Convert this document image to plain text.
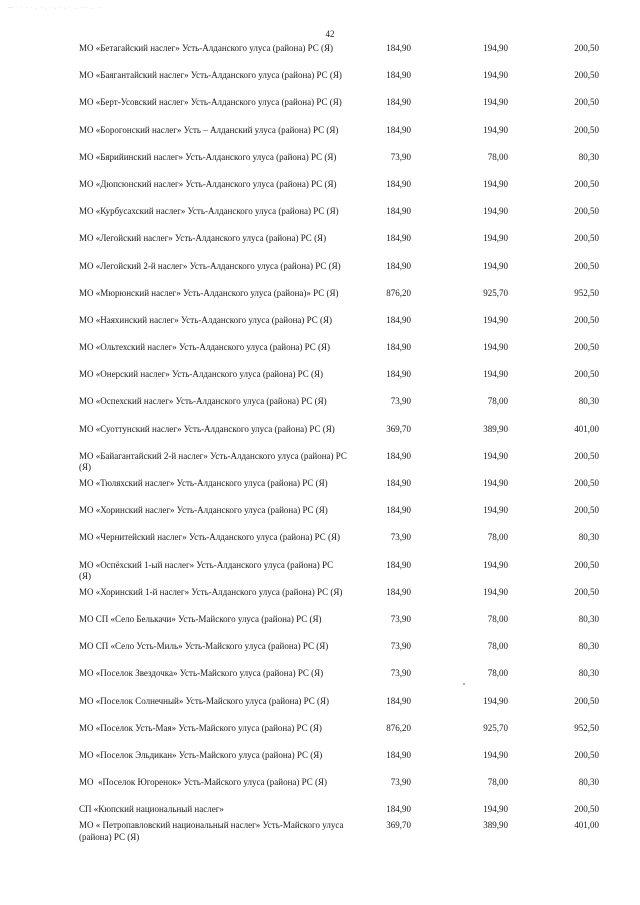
— · · · · , · , · . · . · .. ··· .. ··
42
МО «Бетагайский наслег» Усть-Алданского улуса (района) РС (Я)	184,90	194,90	200,50
МО «Баягантайский наслег» Усть-Алданского улуса (района) РС (Я)	184,90	194,90	200,50
МО «Берт-Усовский наслег» Усть-Алданского улуса (района) РС (Я)	184,90	194,90	200,50
МО «Борогонский наслег» Усть – Алданский улуса (района) РС (Я)	184,90	194,90	200,50
МО «Бярийинский наслег» Усть-Алданского улуса (района) РС (Я)	73,90	78,00	80,30
МО «Дюпсюнский наслег» Усть-Алданского улуса (района) РС (Я)	184,90	194,90	200,50
МО «Курбусахский наслег» Усть-Алданского улуса (района) РС (Я)	184,90	194,90	200,50
МО «Легойский наслег» Усть-Алданского улуса (района) РС (Я)	184,90	194,90	200,50
МО «Легойский 2-й наслег» Усть-Алданского улуса (района) РС (Я)	184,90	194,90	200,50
МО «Мюрюнский наслег» Усть-Алданского улуса (района)» РС (Я)	876,20	925,70	952,50
МО «Наяхинский наслег» Усть-Алданского улуса (района) РС (Я)	184,90	194,90	200,50
МО «Ольтехский наслег» Усть-Алданского улуса (района) РС (Я)	184,90	194,90	200,50
МО «Онерский наслег» Усть-Алданского улуса (района) РС (Я)	184,90	194,90	200,50
МО «Оспехский наслег» Усть-Алданского улуса (района) РС (Я)	73,90	78,00	80,30
МО «Суоттунский наслег» Усть-Алданского улуса (района) РС (Я)	369,70	389,90	401,00
МО «Байагантайский 2-й наслег» Усть-Алданского улуса (района) РС (Я)	184,90	194,90	200,50
МО «Тюляхский наслег» Усть-Алданского улуса (района) РС (Я)	184,90	194,90	200,50
МО «Хоринский наслег» Усть-Алданского улуса (района) РС (Я)	184,90	194,90	200,50
МО «Чернитейский наслег» Усть-Алданского улуса (района) РС (Я)	73,90	78,00	80,30
МО «Оспёхский 1-ый наслег» Усть-Алданского улуса (района) РС (Я)	184,90	194,90	200,50
МО «Хоринский 1-й наслег» Усть-Алданского улуса (района) РС (Я)	184,90	194,90	200,50
МО СП «Село Белькачи» Усть-Майского улуса (района) РС (Я)	73,90	78,00	80,30
МО СП «Село Усть-Миль» Усть-Майского улуса (района) РС (Я)	73,90	78,00	80,30
МО «Поселок Звездочка» Усть-Майского улуса (района) РС (Я)	73,90	78,00	80,30
МО «Поселок Солнечный» Усть-Майского улуса (района) РС (Я)	184,90	194,90	200,50
МО «Поселок Усть-Мая» Усть-Майского улуса (района) РС (Я)	876,20	925,70	952,50
МО «Поселок Эльдикан» Усть-Майского улуса (района) РС (Я)	184,90	194,90	200,50
МО  «Поселок Югоренок» Усть-Майского улуса (района) РС (Я)	73,90	78,00	80,30
СП «Кюпский национальный наслег»	184,90	194,90	200,50
МО « Петропавловский национальный наслег» Усть-Майского улуса (района) РС (Я)	369,70	389,90	401,00
